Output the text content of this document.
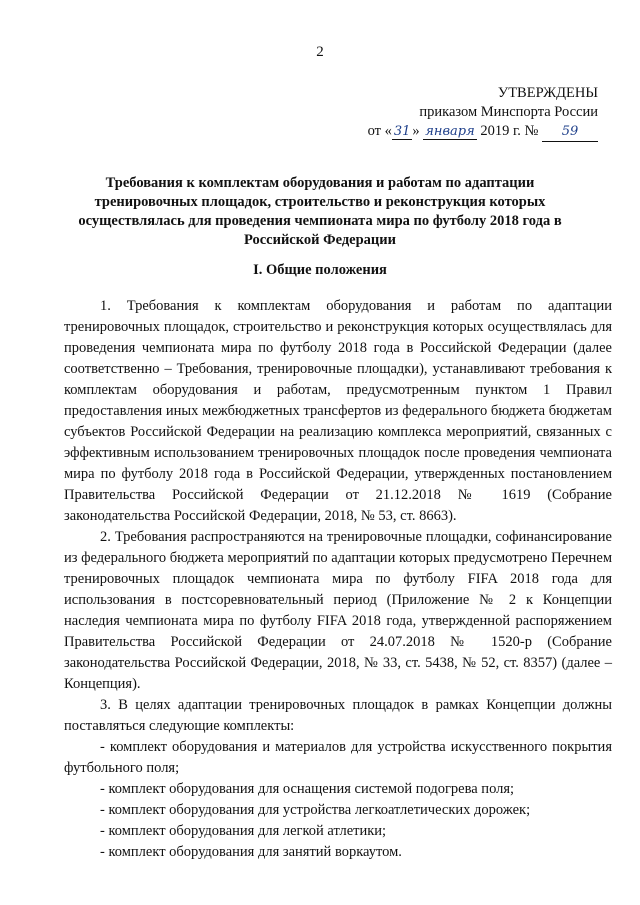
2
УТВЕРЖДЕНЫ
приказом Минспорта России
от « 31 » января 2019 г. № 59
Требования к комплектам оборудования и работам по адаптации тренировочных площадок, строительство и реконструкция которых осуществлялась для проведения чемпионата мира по футболу 2018 года в Российской Федерации
I. Общие положения

1. Требования к комплектам оборудования и работам по адаптации тренировочных площадок, строительство и реконструкция которых осуществлялась для проведения чемпионата мира по футболу 2018 года в Российской Федерации (далее соответственно – Требования, тренировочные площадки), устанавливают требования к комплектам оборудования и работам, предусмотренным пунктом 1 Правил предоставления иных межбюджетных трансфертов из федерального бюджета бюджетам субъектов Российской Федерации на реализацию комплекса мероприятий, связанных с эффективным использованием тренировочных площадок после проведения чемпионата мира по футболу 2018 года в Российской Федерации, утвержденных постановлением Правительства Российской Федерации от 21.12.2018 № 1619 (Собрание законодательства Российской Федерации, 2018, № 53, ст. 8663).

2. Требования распространяются на тренировочные площадки, софинансирование из федерального бюджета мероприятий по адаптации которых предусмотрено Перечнем тренировочных площадок чемпионата мира по футболу FIFA 2018 года для использования в постсоревновательный период (Приложение № 2 к Концепции наследия чемпионата мира по футболу FIFA 2018 года, утвержденной распоряжением Правительства Российской Федерации от 24.07.2018 № 1520-р (Собрание законодательства Российской Федерации, 2018, № 33, ст. 5438, № 52, ст. 8357) (далее – Концепция).

3. В целях адаптации тренировочных площадок в рамках Концепции должны поставляться следующие комплекты:

- комплект оборудования и материалов для устройства искусственного покрытия футбольного поля;

- комплект оборудования для оснащения системой подогрева поля;

- комплект оборудования для устройства легкоатлетических дорожек;

- комплект оборудования для легкой атлетики;

- комплект оборудования для занятий воркаутом.
